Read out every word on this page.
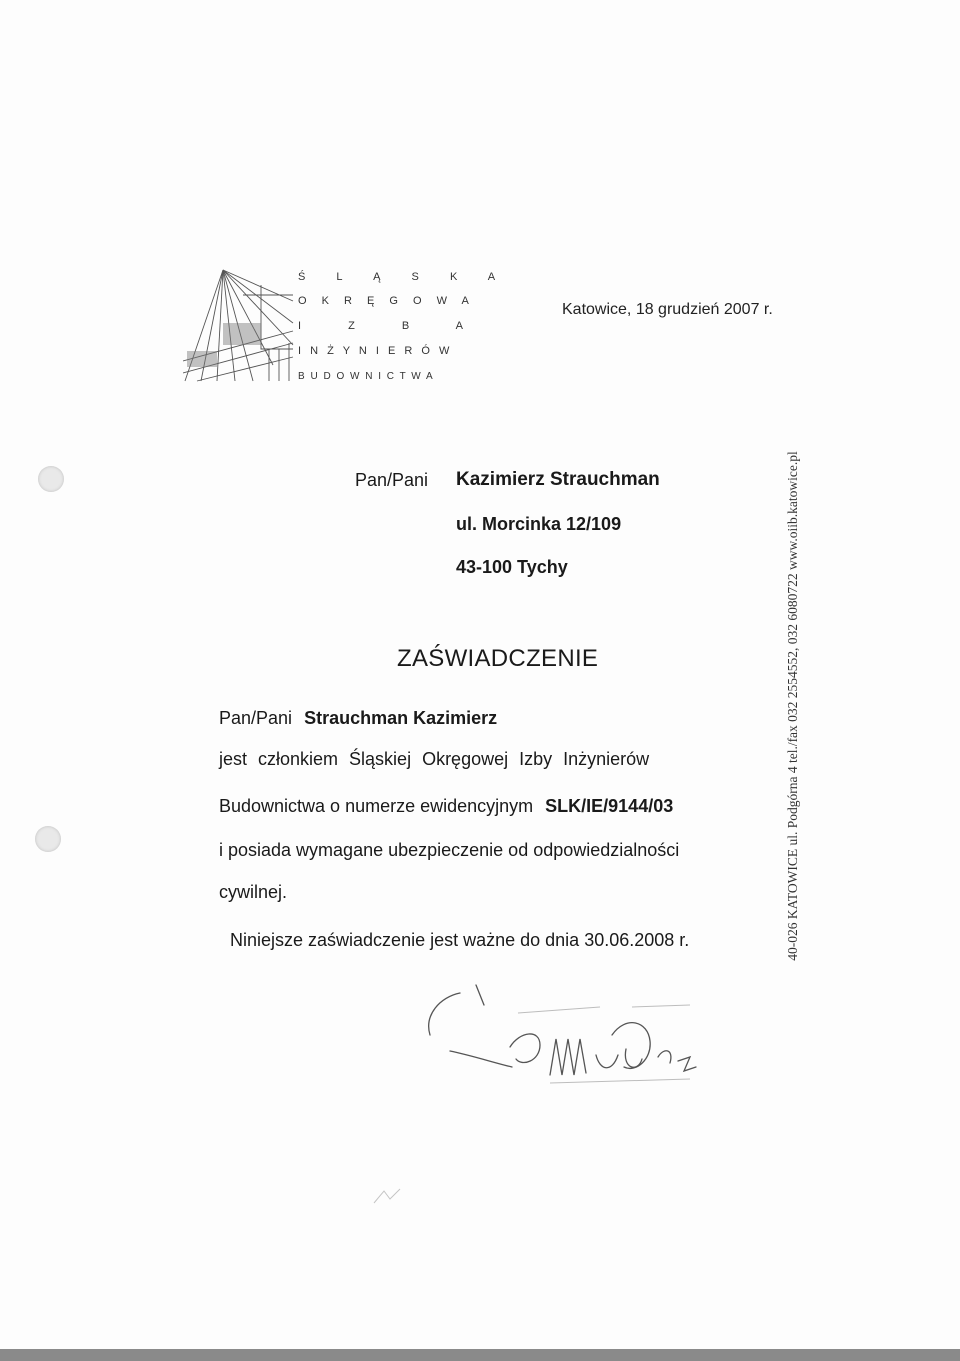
Ś L Ą S K A
O K R Ę G O W A
I Z B A
I N Ż Y N I E R Ó W
B U D O W N I C T W A
Katowice, 18 grudzień 2007 r.
Pan/Pani Kazimierz Strauchman
ul. Morcinka 12/109
43-100 Tychy
ZAŚWIADCZENIE
Pan/Pani Strauchman Kazimierz
jest członkiem Śląskiej Okręgowej Izby Inżynierów
Budownictwa o numerze ewidencyjnym SLK/IE/9144/03
i posiada wymagane ubezpieczenie od odpowiedzialności
cywilnej.
Niniejsze zaświadczenie jest ważne do dnia 30.06.2008 r.	40-026 KATOWICE ul. Podgórna 4 tel./fax 032 2554552, 032 6080722 www.oiib.katowice.pl
